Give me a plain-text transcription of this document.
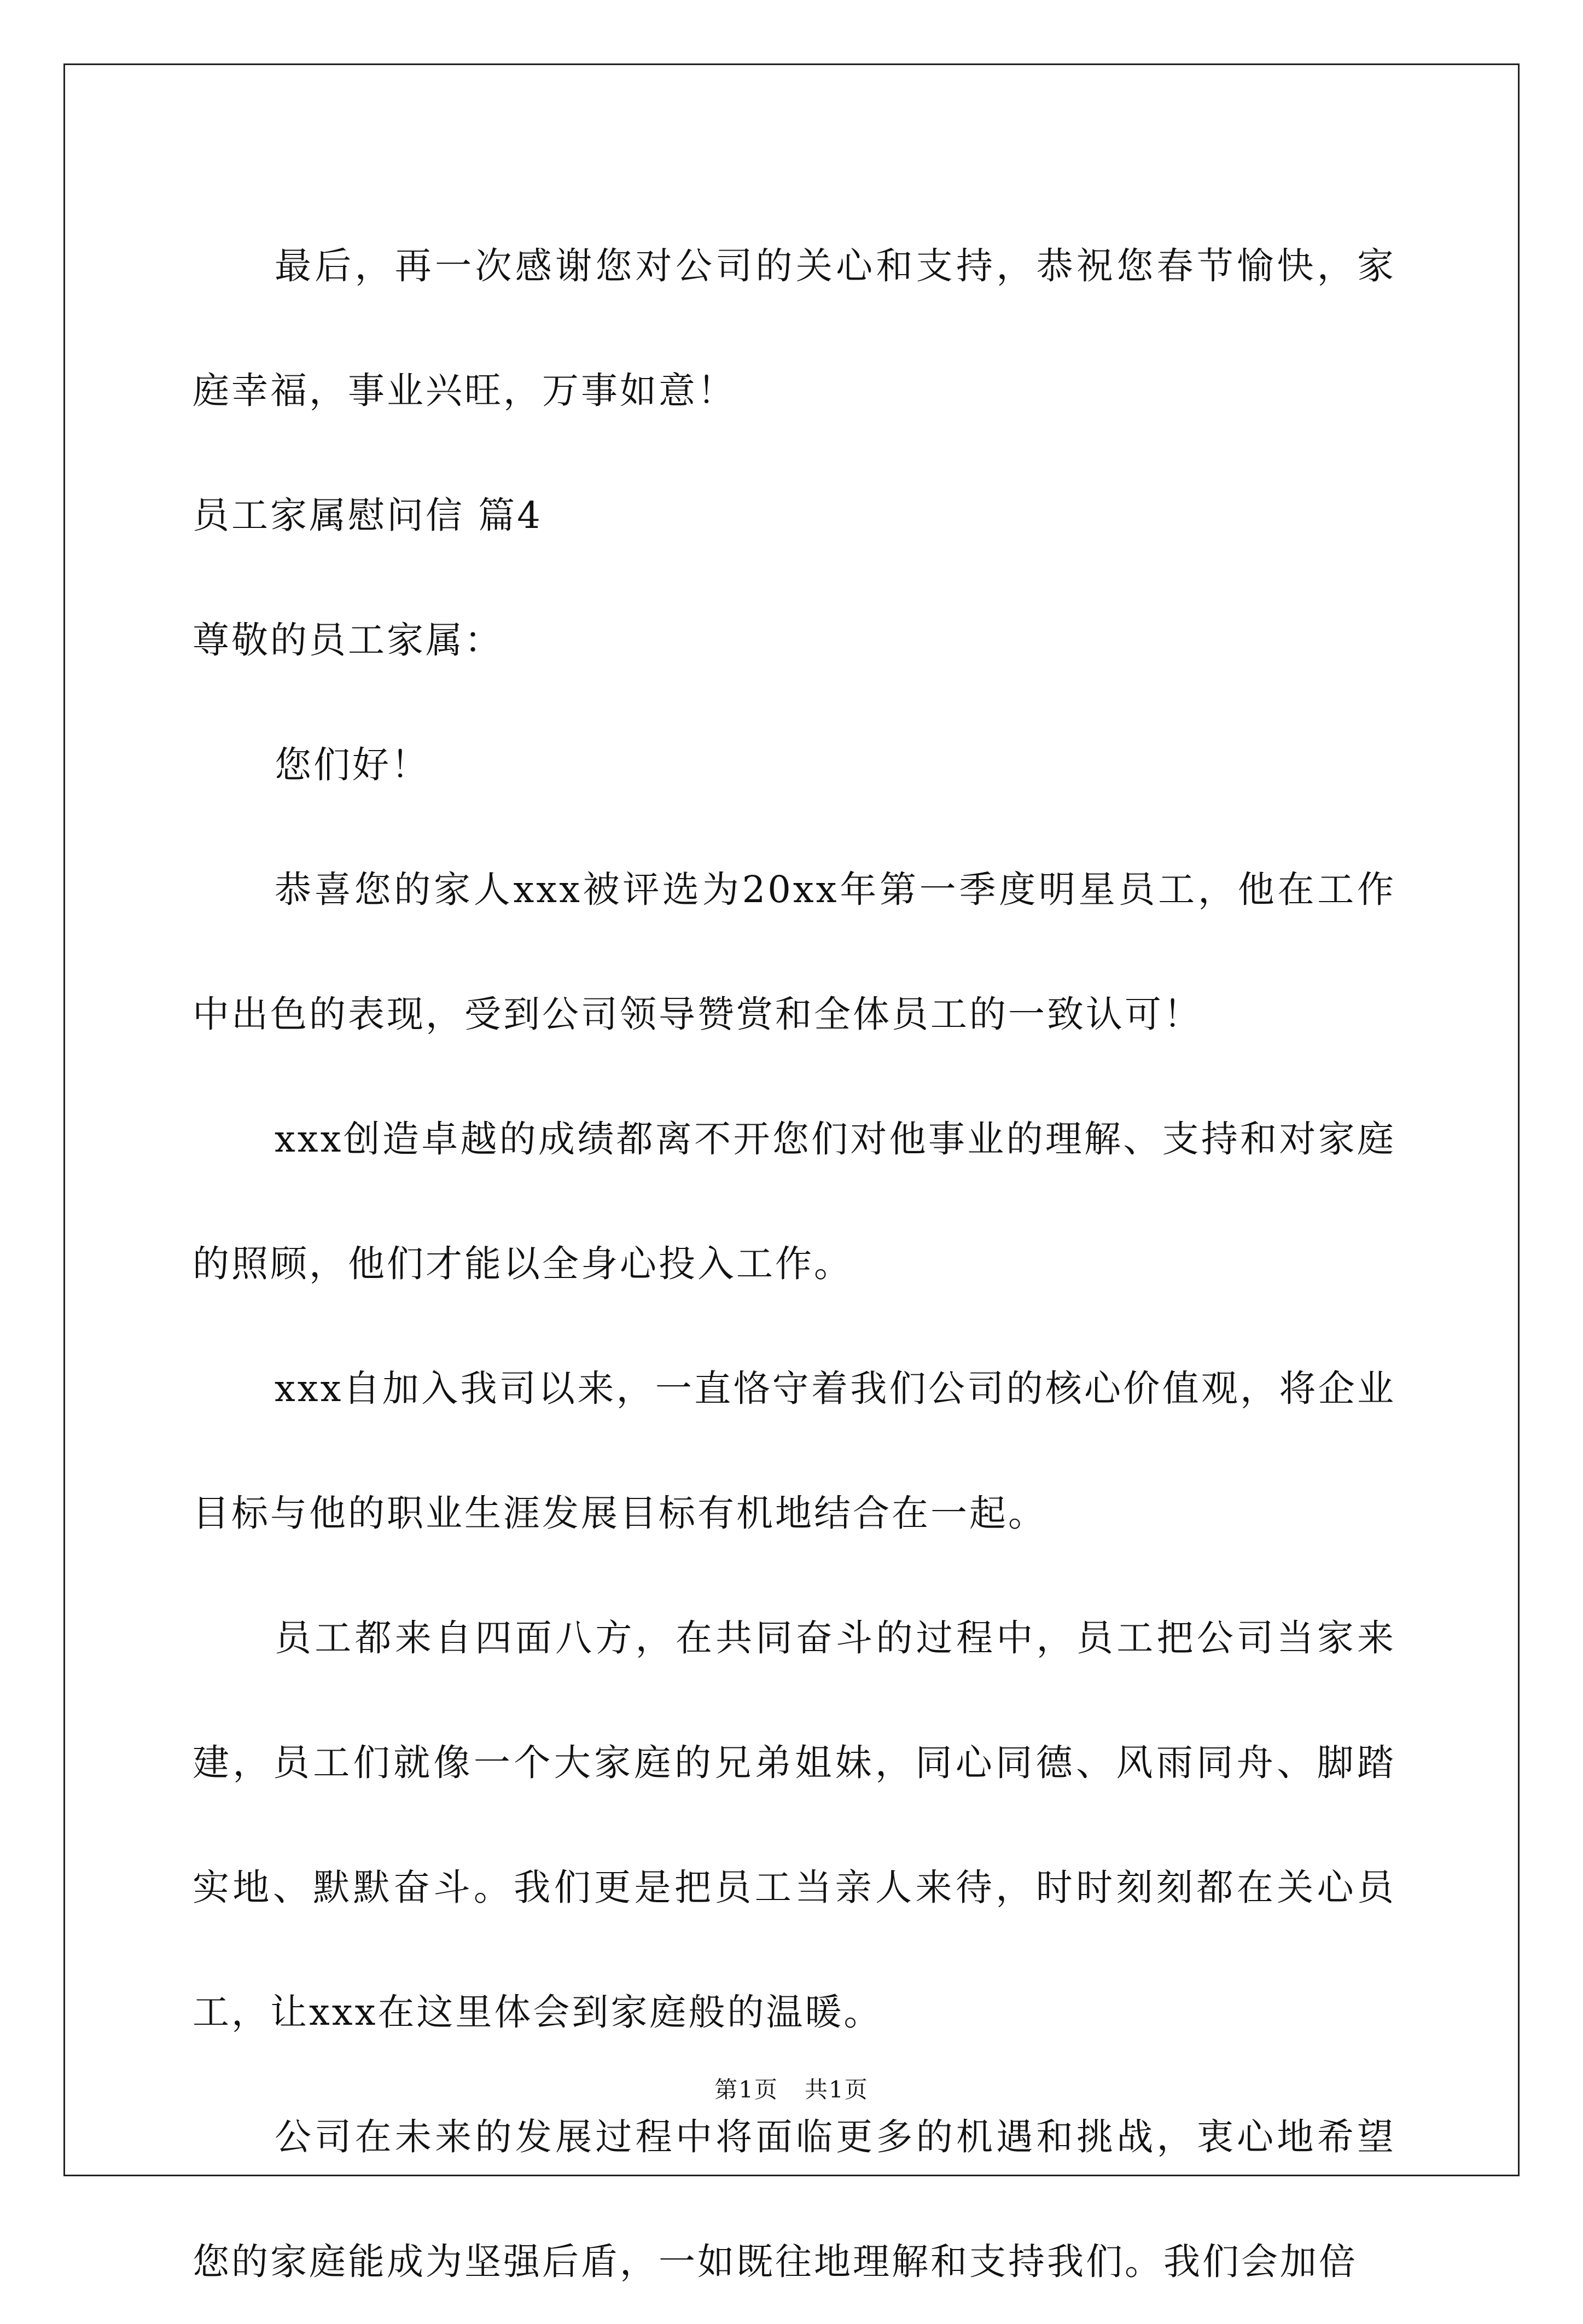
最后，再一次感谢您对公司的关心和支持，恭祝您春节愉快，家庭幸福，事业兴旺，万事如意！

员工家属慰问信 篇4

尊敬的员工家属：

您们好！

恭喜您的家人xxx被评选为20xx年第一季度明星员工，他在工作中出色的表现，受到公司领导赞赏和全体员工的一致认可！

xxx创造卓越的成绩都离不开您们对他事业的理解、支持和对家庭的照顾，他们才能以全身心投入工作。

xxx自加入我司以来，一直恪守着我们公司的核心价值观，将企业目标与他的职业生涯发展目标有机地结合在一起。

员工都来自四面八方，在共同奋斗的过程中，员工把公司当家来建，员工们就像一个大家庭的兄弟姐妹，同心同德、风雨同舟、脚踏实地、默默奋斗。我们更是把员工当亲人来待，时时刻刻都在关心员工，让xxx在这里体会到家庭般的温暖。

公司在未来的发展过程中将面临更多的机遇和挑战，衷心地希望您的家庭能成为坚强后盾，一如既往地理解和支持我们。我们会加倍

第1页 共1页
